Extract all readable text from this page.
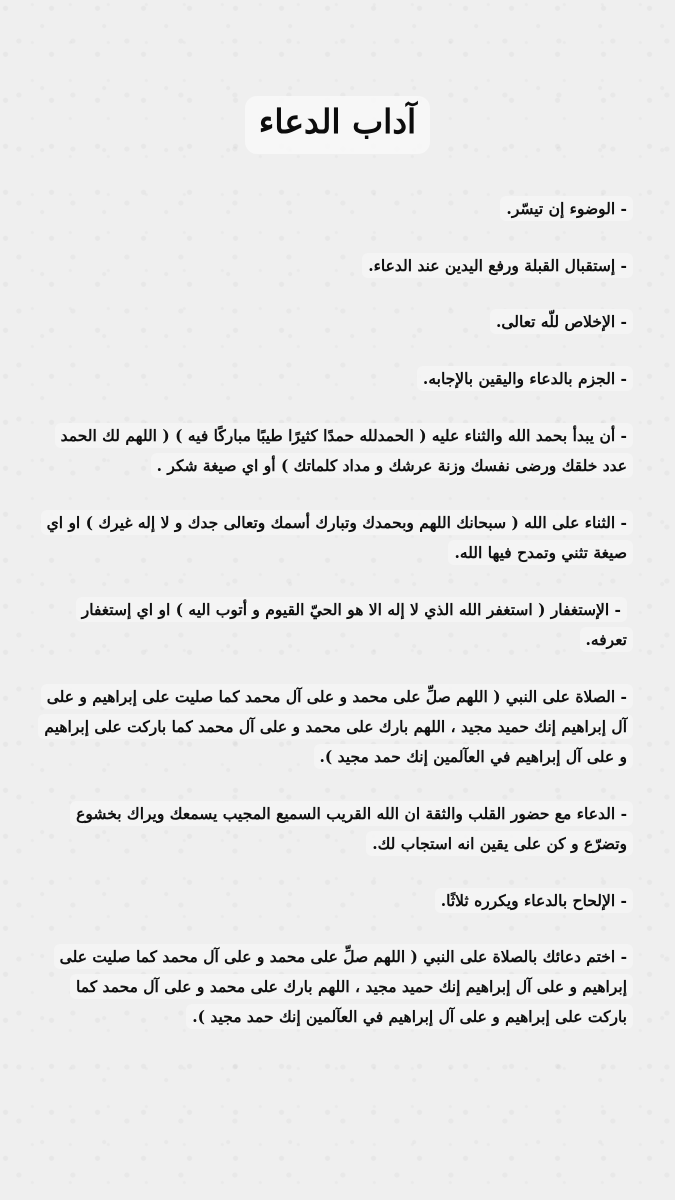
آداب الدعاء

- الوضوء إن تيسّر.

- إستقبال القبلة ورفع اليدين عند الدعاء.

- الإخلاص للّه تعالى.

- الجزم بالدعاء واليقين بالإجابه.

- أن يبدأ بحمد الله والثناء عليه ( الحمدلله حمدًا كثيرًا طيبًا مباركًا فيه ) ( اللهم لك الحمد عدد خلقك ورضى نفسك وزنة عرشك و مداد كلماتك ) أو اي صيغة شكر .

- الثناء على الله ( سبحانك اللهم وبحمدك وتبارك أسمك وتعالى جدك و لا إله غيرك ) او اي صيغة تثني وتمدح فيها الله.

- الإستغفار ( استغفر الله الذي لا إله الا هو الحيّ القيوم و أتوب اليه ) او اي إستغفار تعرفه.

- الصلاة على النبي ( اللهم صلِّ على محمد و على آل محمد كما صليت على إبراهيم و على آل إبراهيم إنك حميد مجيد ، اللهم بارك على محمد و على آل محمد كما باركت على إبراهيم و على آل إبراهيم في العآلمين إنك حمد مجيد ).

- الدعاء مع حضور القلب والثقة ان الله القريب السميع المجيب يسمعك ويراك بخشوع وتضرّع و كن على يقين انه استجاب لك.

- الإلحاح بالدعاء ويكرره ثلاثًا.

- اختم دعائك بالصلاة على النبي ( اللهم صلِّ على محمد و على آل محمد كما صليت على إبراهيم و على آل إبراهيم إنك حميد مجيد ، اللهم بارك على محمد و على آل محمد كما باركت على إبراهيم و على آل إبراهيم في العآلمين إنك حمد مجيد ).
